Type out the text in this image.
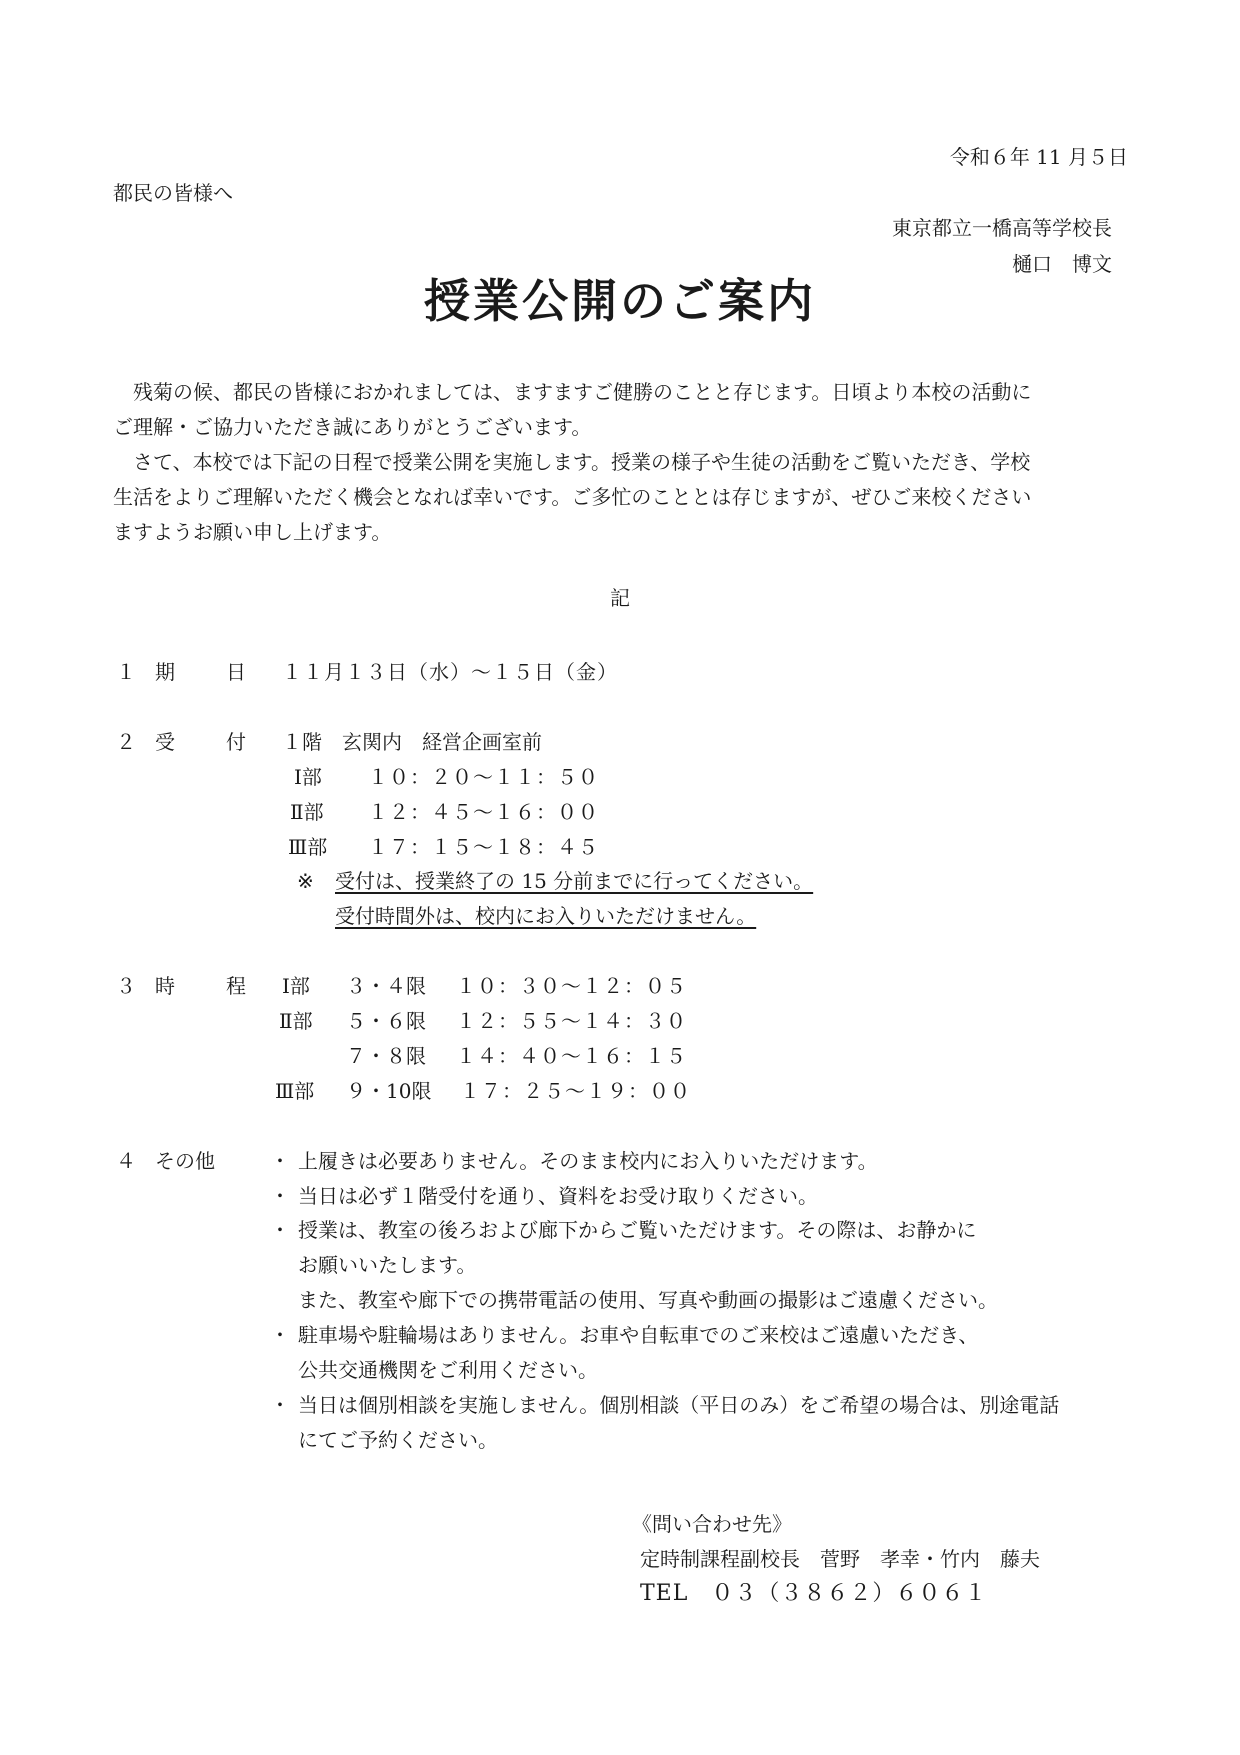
令和６年 11 月５日
都民の皆様へ
東京都立一橋高等学校長
樋口　博文
授業公開のご案内
　残菊の候、都民の皆様におかれましては、ますますご健勝のことと存じます。日頃より本校の活動に
ご理解・ご協力いただき誠にありがとうございます。
　さて、本校では下記の日程で授業公開を実施します。授業の様子や生徒の活動をご覧いただき、学校
生活をよりご理解いただく機会となれば幸いです。ご多忙のこととは存じますが、ぜひご来校ください
ますようお願い申し上げます。
記
１ 期	日 １１月１３日（水）～１５日（金）
２ 受	付 １階　玄関内　経営企画室前
Ⅰ部 １０：２０～１１：５０
Ⅱ部 １２：４５～１６：００
Ⅲ部 １７：１５～１８：４５
※ 受付は、授業終了の 15 分前までに行ってください。
受付時間外は、校内にお入りいただけません。
３ 時	程 Ⅰ部 ３・４限 １０：３０～１２：０５
Ⅱ部 ５・６限 １２：５５～１４：３０
７・８限 １４：４０～１６：１５
Ⅲ部 ９・10限 １７：２５～１９：００
４ その他	・ 上履きは必要ありません。そのまま校内にお入りいただけます。
・ 当日は必ず１階受付を通り、資料をお受け取りください。
・ 授業は、教室の後ろおよび廊下からご覧いただけます。その際は、お静かに
お願いいたします。
また、教室や廊下での携帯電話の使用、写真や動画の撮影はご遠慮ください。
・ 駐車場や駐輪場はありません。お車や自転車でのご来校はご遠慮いただき、
公共交通機関をご利用ください。
・ 当日は個別相談を実施しません。個別相談（平日のみ）をご希望の場合は、別途電話
にてご予約ください。
《問い合わせ先》
定時制課程副校長　菅野　孝幸・竹内　藤夫
TEL　０３（３８６２）６０６１
